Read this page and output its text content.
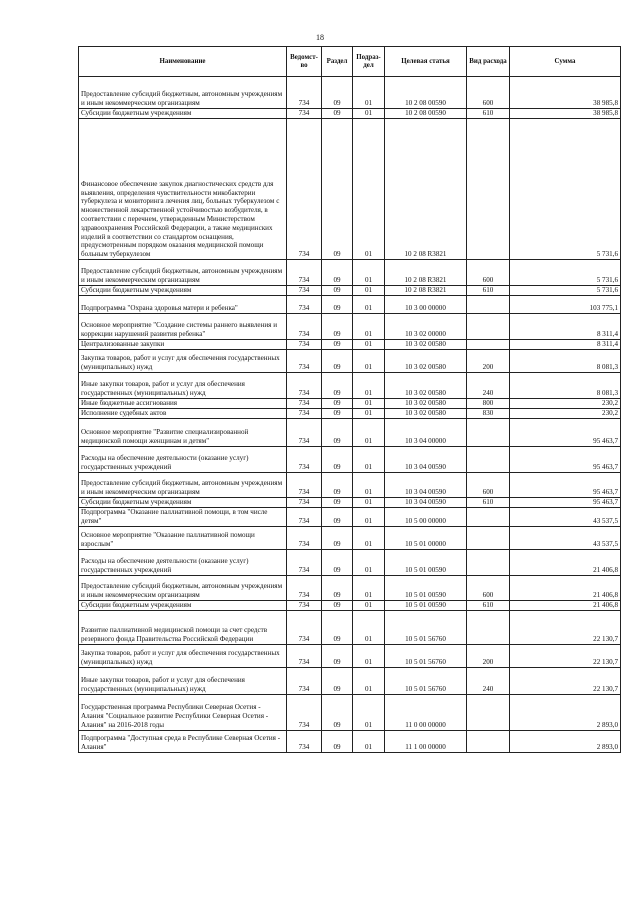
18
Наименование	Ведомст-во	Раздел	Подраз-дел	Целевая статья	Вид расхода	Сумма
Предоставление субсидий бюджетным, автономным учреждениям и иным некоммерческим организациям	734	09	01	10 2 08 00590	600	38 985,8
Субсидии бюджетным учреждениям	734	09	01	10 2 08 00590	610	38 985,8
Финансовое обеспечение закупок диагностических средств для выявления, определения чувствительности микобактерии туберкулеза и мониторинга лечения лиц, больных туберкулезом с множественной лекарственной устойчивостью возбудителя, в соответствии с перечнем, утвержденным Министерством здравоохранения Российской Федерации, а также медицинских изделий в соответствии со стандартом оснащения, предусмотренным порядком оказания медицинской помощи больным туберкулезом	734	09	01	10 2 08 R3821		5 731,6
Предоставление субсидий бюджетным, автономным учреждениям и иным некоммерческим организациям	734	09	01	10 2 08 R3821	600	5 731,6
Субсидии бюджетным учреждениям	734	09	01	10 2 08 R3821	610	5 731,6
Подпрограмма "Охрана здоровья матери и ребенка"	734	09	01	10 3 00 00000		103 775,1
Основное мероприятие "Создание системы раннего выявления и коррекции нарушений развития ребенка"	734	09	01	10 3 02 00000		8 311,4
Централизованные закупки	734	09	01	10 3 02 00580		8 311,4
Закупка товаров, работ и услуг для обеспечения государственных (муниципальных) нужд	734	09	01	10 3 02 00580	200	8 081,3
Иные закупки товаров, работ и услуг для обеспечения государственных (муниципальных) нужд	734	09	01	10 3 02 00580	240	8 081,3
Иные бюджетные ассигнования	734	09	01	10 3 02 00580	800	230,2
Исполнение судебных актов	734	09	01	10 3 02 00580	830	230,2
Основное мероприятие "Развитие специализированной медицинской помощи женщинам и детям"	734	09	01	10 3 04 00000		95 463,7
Расходы на обеспечение деятельности (оказание услуг) государственных учреждений	734	09	01	10 3 04 00590		95 463,7
Предоставление субсидий бюджетным, автономным учреждениям и иным некоммерческим организациям	734	09	01	10 3 04 00590	600	95 463,7
Субсидии бюджетным учреждениям	734	09	01	10 3 04 00590	610	95 463,7
Подпрограмма "Оказание паллиативной помощи, в том числе детям"	734	09	01	10 5 00 00000		43 537,5
Основное мероприятие "Оказание паллиативной помощи взрослым"	734	09	01	10 5 01 00000		43 537,5
Расходы на обеспечение деятельности (оказание услуг) государственных учреждений	734	09	01	10 5 01 00590		21 406,8
Предоставление субсидий бюджетным, автономным учреждениям и иным некоммерческим организациям	734	09	01	10 5 01 00590	600	21 406,8
Субсидии бюджетным учреждениям	734	09	01	10 5 01 00590	610	21 406,8
Развитие паллиативной медицинской помощи за счет средств резервного фонда Правительства Российской Федерации	734	09	01	10 5 01 56760		22 130,7
Закупка товаров, работ и услуг для обеспечения государственных (муниципальных) нужд	734	09	01	10 5 01 56760	200	22 130,7
Иные закупки товаров, работ и услуг для обеспечения государственных (муниципальных) нужд	734	09	01	10 5 01 56760	240	22 130,7
Государственная программа Республики Северная Осетия - Алания "Социальное развитие Республики Северная Осетия - Алания" на 2016-2018 годы	734	09	01	11 0 00 00000		2 893,0
Подпрограмма "Доступная среда в Республике Северная Осетия - Алания"	734	09	01	11 1 00 00000		2 893,0
